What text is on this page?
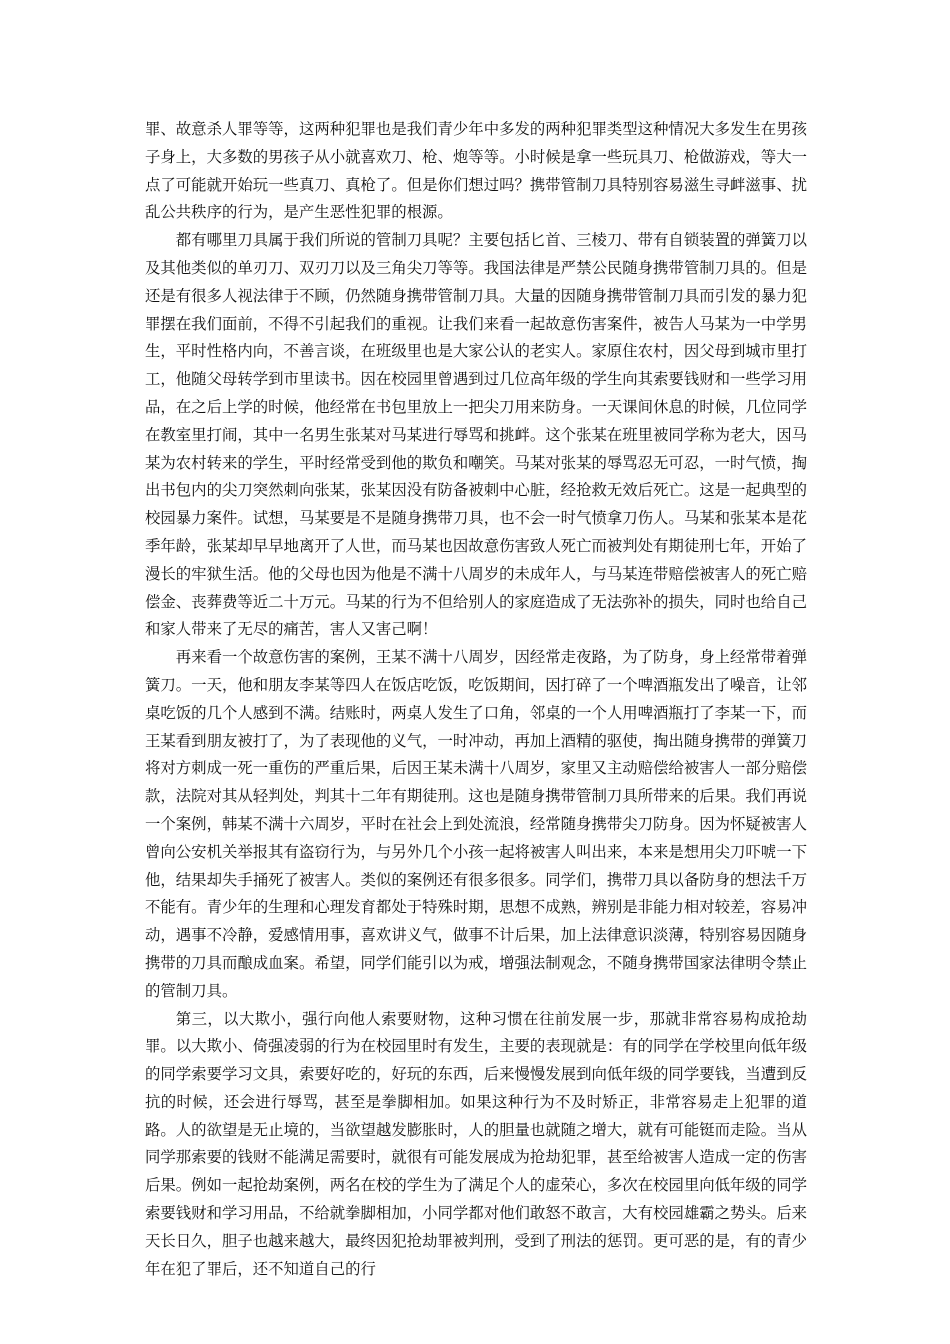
罪、故意杀人罪等等，这两种犯罪也是我们青少年中多发的两种犯罪类型这种情况大多发生在男孩子身上，大多数的男孩子从小就喜欢刀、枪、炮等等。小时候是拿一些玩具刀、枪做游戏，等大一点了可能就开始玩一些真刀、真枪了。但是你们想过吗？携带管制刀具特别容易滋生寻衅滋事、扰乱公共秩序的行为，是产生恶性犯罪的根源。

都有哪里刀具属于我们所说的管制刀具呢？主要包括匕首、三棱刀、带有自锁装置的弹簧刀以及其他类似的单刃刀、双刃刀以及三角尖刀等等。我国法律是严禁公民随身携带管制刀具的。但是还是有很多人视法律于不顾，仍然随身携带管制刀具。大量的因随身携带管制刀具而引发的暴力犯罪摆在我们面前，不得不引起我们的重视。让我们来看一起故意伤害案件，被告人马某为一中学男生，平时性格内向，不善言谈，在班级里也是大家公认的老实人。家原住农村，因父母到城市里打工，他随父母转学到市里读书。因在校园里曾遇到过几位高年级的学生向其索要钱财和一些学习用品，在之后上学的时候，他经常在书包里放上一把尖刀用来防身。一天课间休息的时候，几位同学在教室里打闹，其中一名男生张某对马某进行辱骂和挑衅。这个张某在班里被同学称为老大，因马某为农村转来的学生，平时经常受到他的欺负和嘲笑。马某对张某的辱骂忍无可忍，一时气愤，掏出书包内的尖刀突然刺向张某，张某因没有防备被刺中心脏，经抢救无效后死亡。这是一起典型的校园暴力案件。试想，马某要是不是随身携带刀具，也不会一时气愤拿刀伤人。马某和张某本是花季年龄，张某却早早地离开了人世，而马某也因故意伤害致人死亡而被判处有期徒刑七年，开始了漫长的牢狱生活。他的父母也因为他是不满十八周岁的未成年人，与马某连带赔偿被害人的死亡赔偿金、丧葬费等近二十万元。马某的行为不但给别人的家庭造成了无法弥补的损失，同时也给自己和家人带来了无尽的痛苦，害人又害己啊！

再来看一个故意伤害的案例，王某不满十八周岁，因经常走夜路，为了防身，身上经常带着弹簧刀。一天，他和朋友李某等四人在饭店吃饭，吃饭期间，因打碎了一个啤酒瓶发出了噪音，让邻桌吃饭的几个人感到不满。结账时，两桌人发生了口角，邻桌的一个人用啤酒瓶打了李某一下，而王某看到朋友被打了，为了表现他的义气，一时冲动，再加上酒精的驱使，掏出随身携带的弹簧刀将对方刺成一死一重伤的严重后果，后因王某未满十八周岁，家里又主动赔偿给被害人一部分赔偿款，法院对其从轻判处，判其十二年有期徒刑。这也是随身携带管制刀具所带来的后果。我们再说一个案例，韩某不满十六周岁，平时在社会上到处流浪，经常随身携带尖刀防身。因为怀疑被害人曾向公安机关举报其有盗窃行为，与另外几个小孩一起将被害人叫出来，本来是想用尖刀吓唬一下他，结果却失手捅死了被害人。类似的案例还有很多很多。同学们，携带刀具以备防身的想法千万不能有。青少年的生理和心理发育都处于特殊时期，思想不成熟，辨别是非能力相对较差，容易冲动，遇事不冷静，爱感情用事，喜欢讲义气，做事不计后果，加上法律意识淡薄，特别容易因随身携带的刀具而酿成血案。希望，同学们能引以为戒，增强法制观念，不随身携带国家法律明令禁止的管制刀具。

第三，以大欺小，强行向他人索要财物，这种习惯在往前发展一步，那就非常容易构成抢劫罪。以大欺小、倚强凌弱的行为在校园里时有发生，主要的表现就是：有的同学在学校里向低年级的同学索要学习文具，索要好吃的，好玩的东西，后来慢慢发展到向低年级的同学要钱，当遭到反抗的时候，还会进行辱骂，甚至是拳脚相加。如果这种行为不及时矫正，非常容易走上犯罪的道路。人的欲望是无止境的，当欲望越发膨胀时，人的胆量也就随之增大，就有可能铤而走险。当从同学那索要的钱财不能满足需要时，就很有可能发展成为抢劫犯罪，甚至给被害人造成一定的伤害后果。例如一起抢劫案例，两名在校的学生为了满足个人的虚荣心，多次在校园里向低年级的同学索要钱财和学习用品，不给就拳脚相加，小同学都对他们敢怒不敢言，大有校园雄霸之势头。后来天长日久，胆子也越来越大，最终因犯抢劫罪被判刑，受到了刑法的惩罚。更可恶的是，有的青少年在犯了罪后，还不知道自己的行
